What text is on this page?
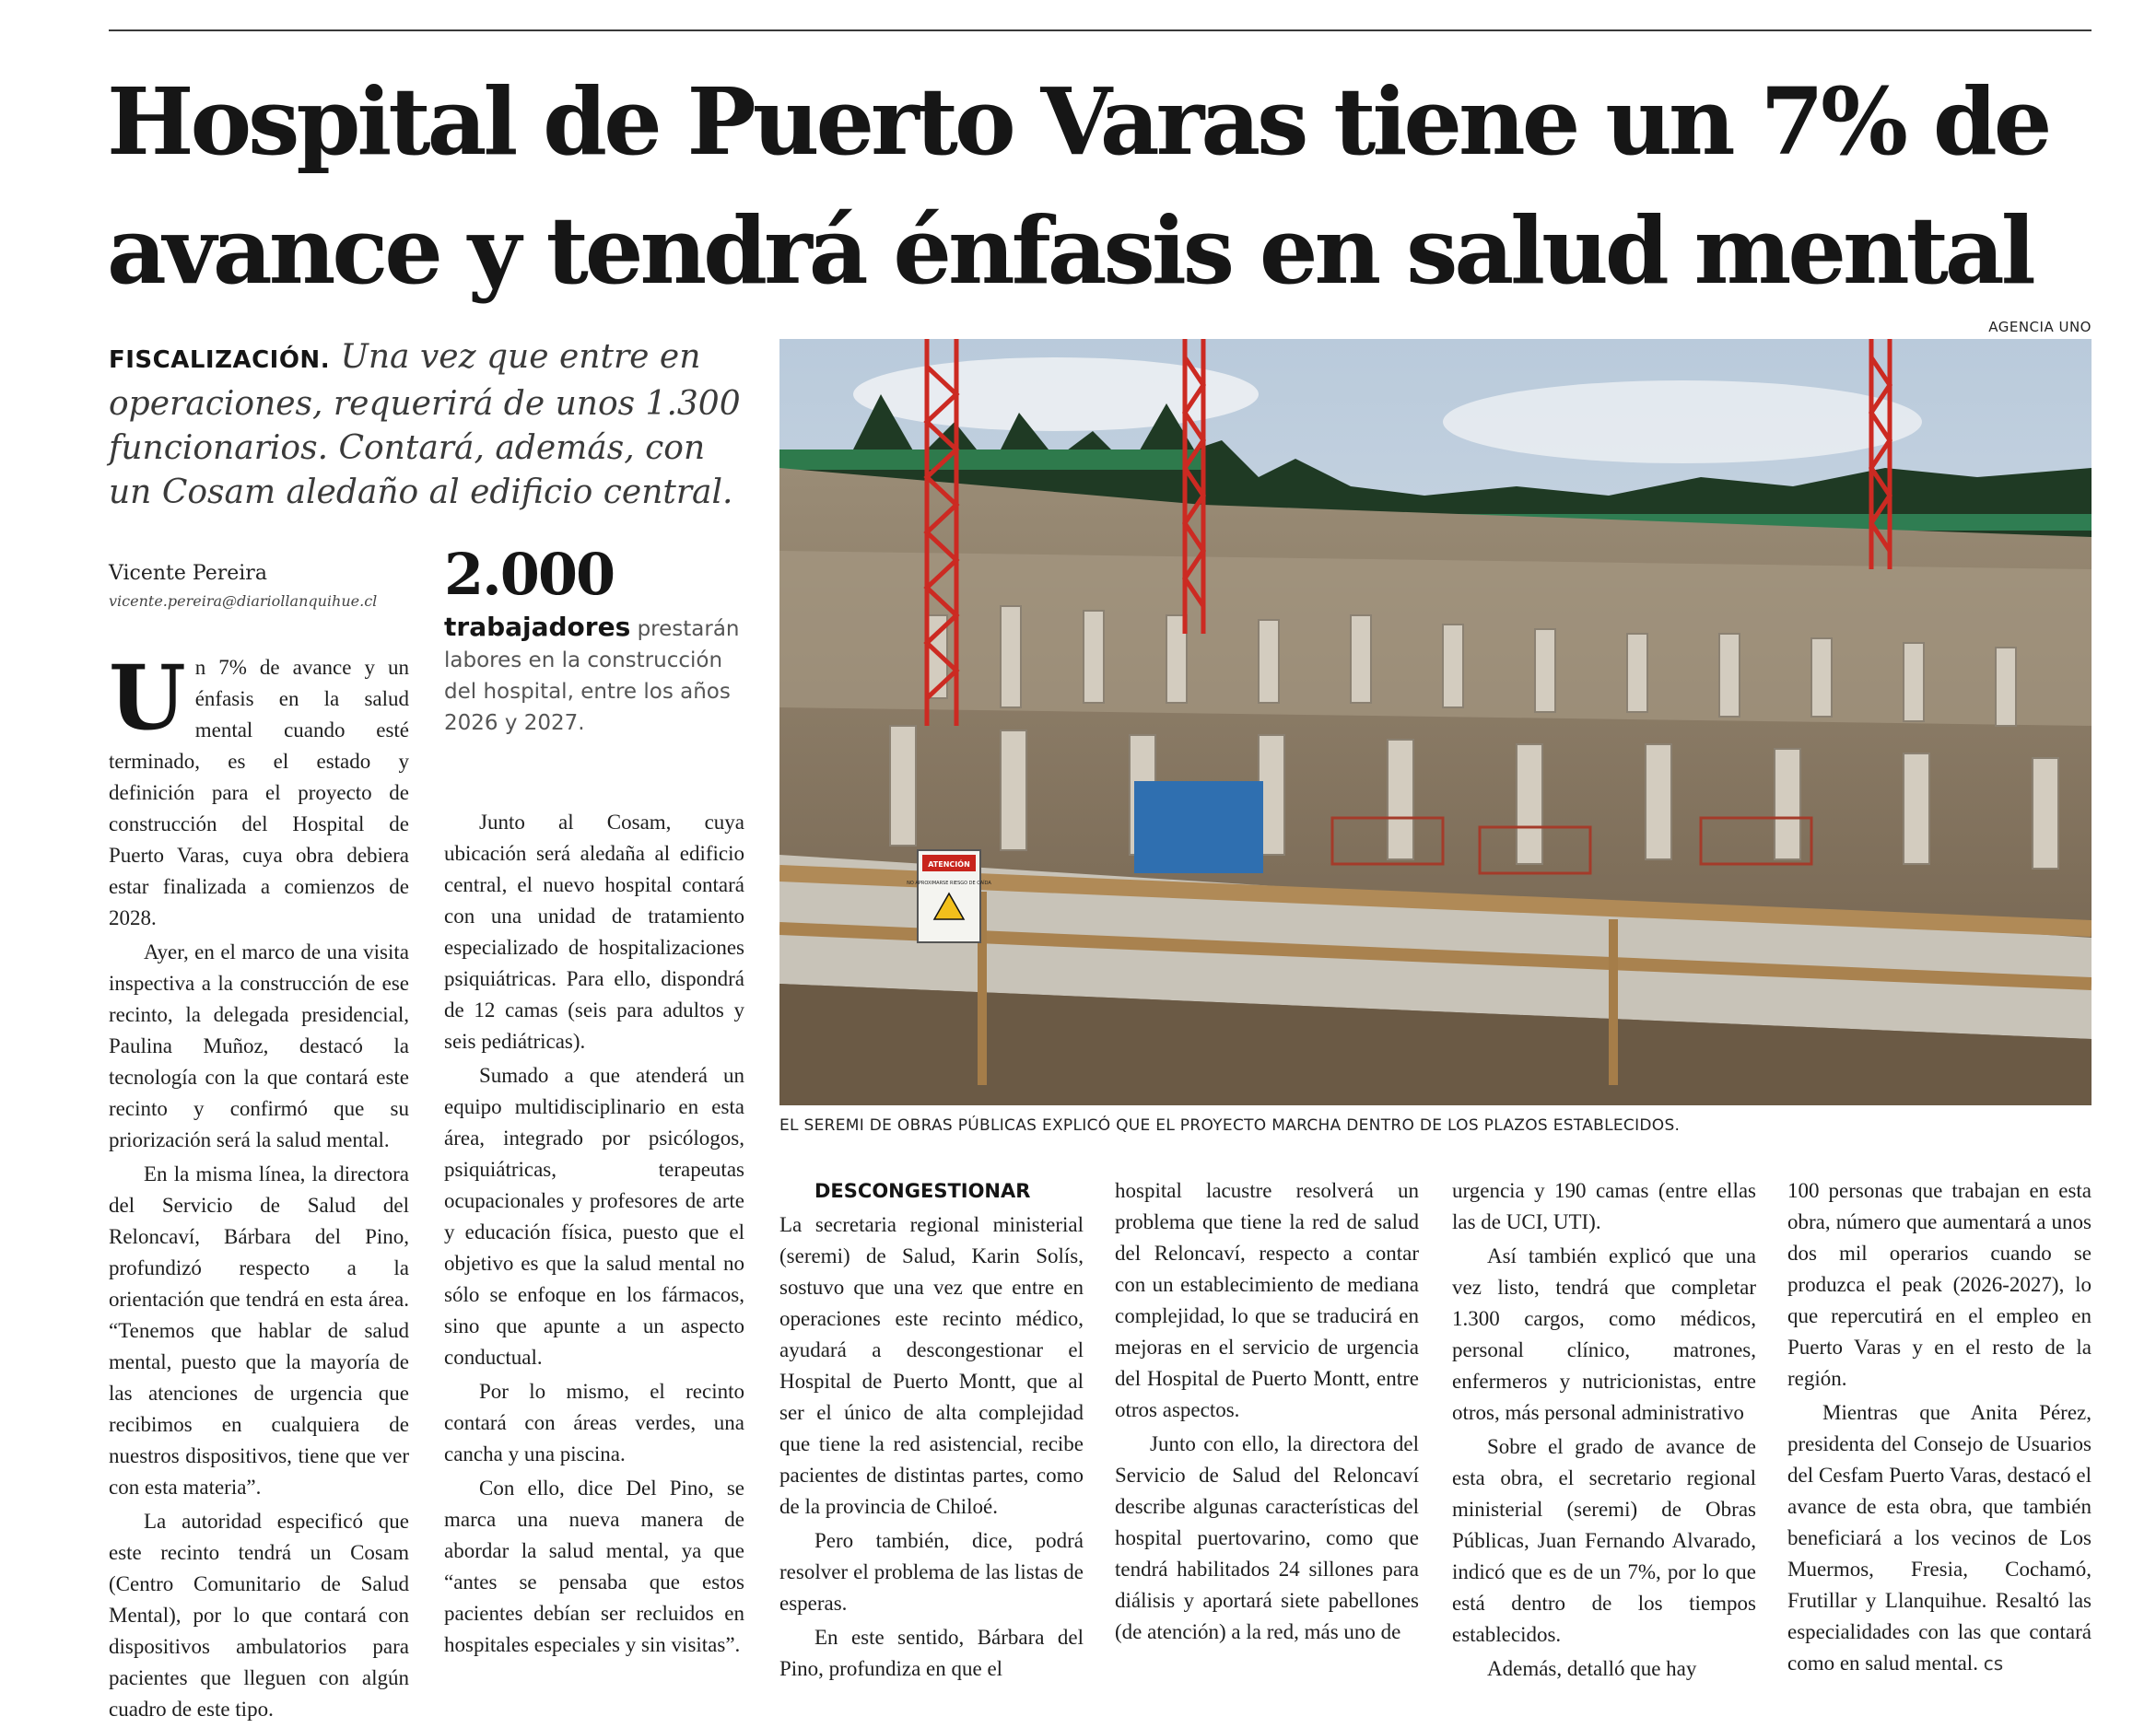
Hospital de Puerto Varas tiene un 7% de avance y tendrá énfasis en salud mental
FISCALIZACIÓN. Una vez que entre en operaciones, requerirá de unos 1.300 funcionarios. Contará, además, con un Cosam aledaño al edificio central.

Vicente Pereira

vicente.pereira@diariollanquihue.cl	2.000
trabajadores prestarán labores en la construcción del hospital, entre los años 2026 y 2027.
AGENCIA UNO
ATENCIÓN
NO APROXIMARSE RIESGO DE CAÍDA
EL SEREMI DE OBRAS PÚBLICAS EXPLICÓ QUE EL PROYECTO MARCHA DENTRO DE LOS PLAZOS ESTABLECIDOS.
U n 7% de avance y un énfasis en la salud mental cuando esté terminado, es el estado y definición para el proyecto de construcción del Hospital de Puerto Varas, cuya obra debiera estar finalizada a comienzos de 2028.

Ayer, en el marco de una visita inspectiva a la construcción de ese recinto, la delegada presidencial, Paulina Muñoz, destacó la tecnología con la que contará este recinto y confirmó que su priorización será la salud mental.

En la misma línea, la directora del Servicio de Salud del Reloncaví, Bárbara del Pino, profundizó respecto a la orientación que tendrá en esta área. “Tenemos que hablar de salud mental, puesto que la mayoría de las atenciones de urgencia que recibimos en cualquiera de nuestros dispositivos, tiene que ver con esta materia”.

La autoridad especificó que este recinto tendrá un Cosam (Centro Comunitario de Salud Mental), por lo que contará con dispositivos ambulatorios para pacientes que lleguen con algún cuadro de este tipo.

Junto al Cosam, cuya ubicación será aledaña al edificio central, el nuevo hospital contará con una unidad de tratamiento especializado de hospitalizaciones psiquiátricas. Para ello, dispondrá de 12 camas (seis para adultos y seis pediátricas).

Sumado a que atenderá un equipo multidisciplinario en esta área, integrado por psicólogos, psiquiátricas, terapeutas ocupacionales y profesores de arte y educación física, puesto que el objetivo es que la salud mental no sólo se enfoque en los fármacos, sino que apunte a un aspecto conductual.

Por lo mismo, el recinto contará con áreas verdes, una cancha y una piscina.

Con ello, dice Del Pino, se marca una nueva manera de abordar la salud mental, ya que “antes se pensaba que estos pacientes debían ser recluidos en hospitales especiales y sin visitas”.

DESCONGESTIONAR

La secretaria regional ministerial (seremi) de Salud, Karin Solís, sostuvo que una vez que entre en operaciones este recinto médico, ayudará a descongestionar el Hospital de Puerto Montt, que al ser el único de alta complejidad que tiene la red asistencial, recibe pacientes de distintas partes, como de la provincia de Chiloé.

Pero también, dice, podrá resolver el problema de las listas de esperas.

En este sentido, Bárbara del Pino, profundiza en que el

hospital lacustre resolverá un problema que tiene la red de salud del Reloncaví, respecto a contar con un establecimiento de mediana complejidad, lo que se traducirá en mejoras en el servicio de urgencia del Hospital de Puerto Montt, entre otros aspectos.

Junto con ello, la directora del Servicio de Salud del Reloncaví describe algunas características del hospital puertovarino, como que tendrá habilitados 24 sillones para diálisis y aportará siete pabellones (de atención) a la red, más uno de

urgencia y 190 camas (entre ellas las de UCI, UTI).

Así también explicó que una vez listo, tendrá que completar 1.300 cargos, como médicos, personal clínico, matrones, enfermeros y nutricionistas, entre otros, más personal administrativo

Sobre el grado de avance de esta obra, el secretario regional ministerial (seremi) de Obras Públicas, Juan Fernando Alvarado, indicó que es de un 7%, por lo que está dentro de los tiempos establecidos.

Además, detalló que hay

100 personas que trabajan en esta obra, número que aumentará a unos dos mil operarios cuando se produzca el peak (2026-2027), lo que repercutirá en el empleo en Puerto Varas y en el resto de la región.

Mientras que Anita Pérez, presidenta del Consejo de Usuarios del Cesfam Puerto Varas, destacó el avance de esta obra, que también beneficiará a los vecinos de Los Muermos, Fresia, Cochamó, Frutillar y Llanquihue. Resaltó las especialidades con las que contará como en salud mental. cs
